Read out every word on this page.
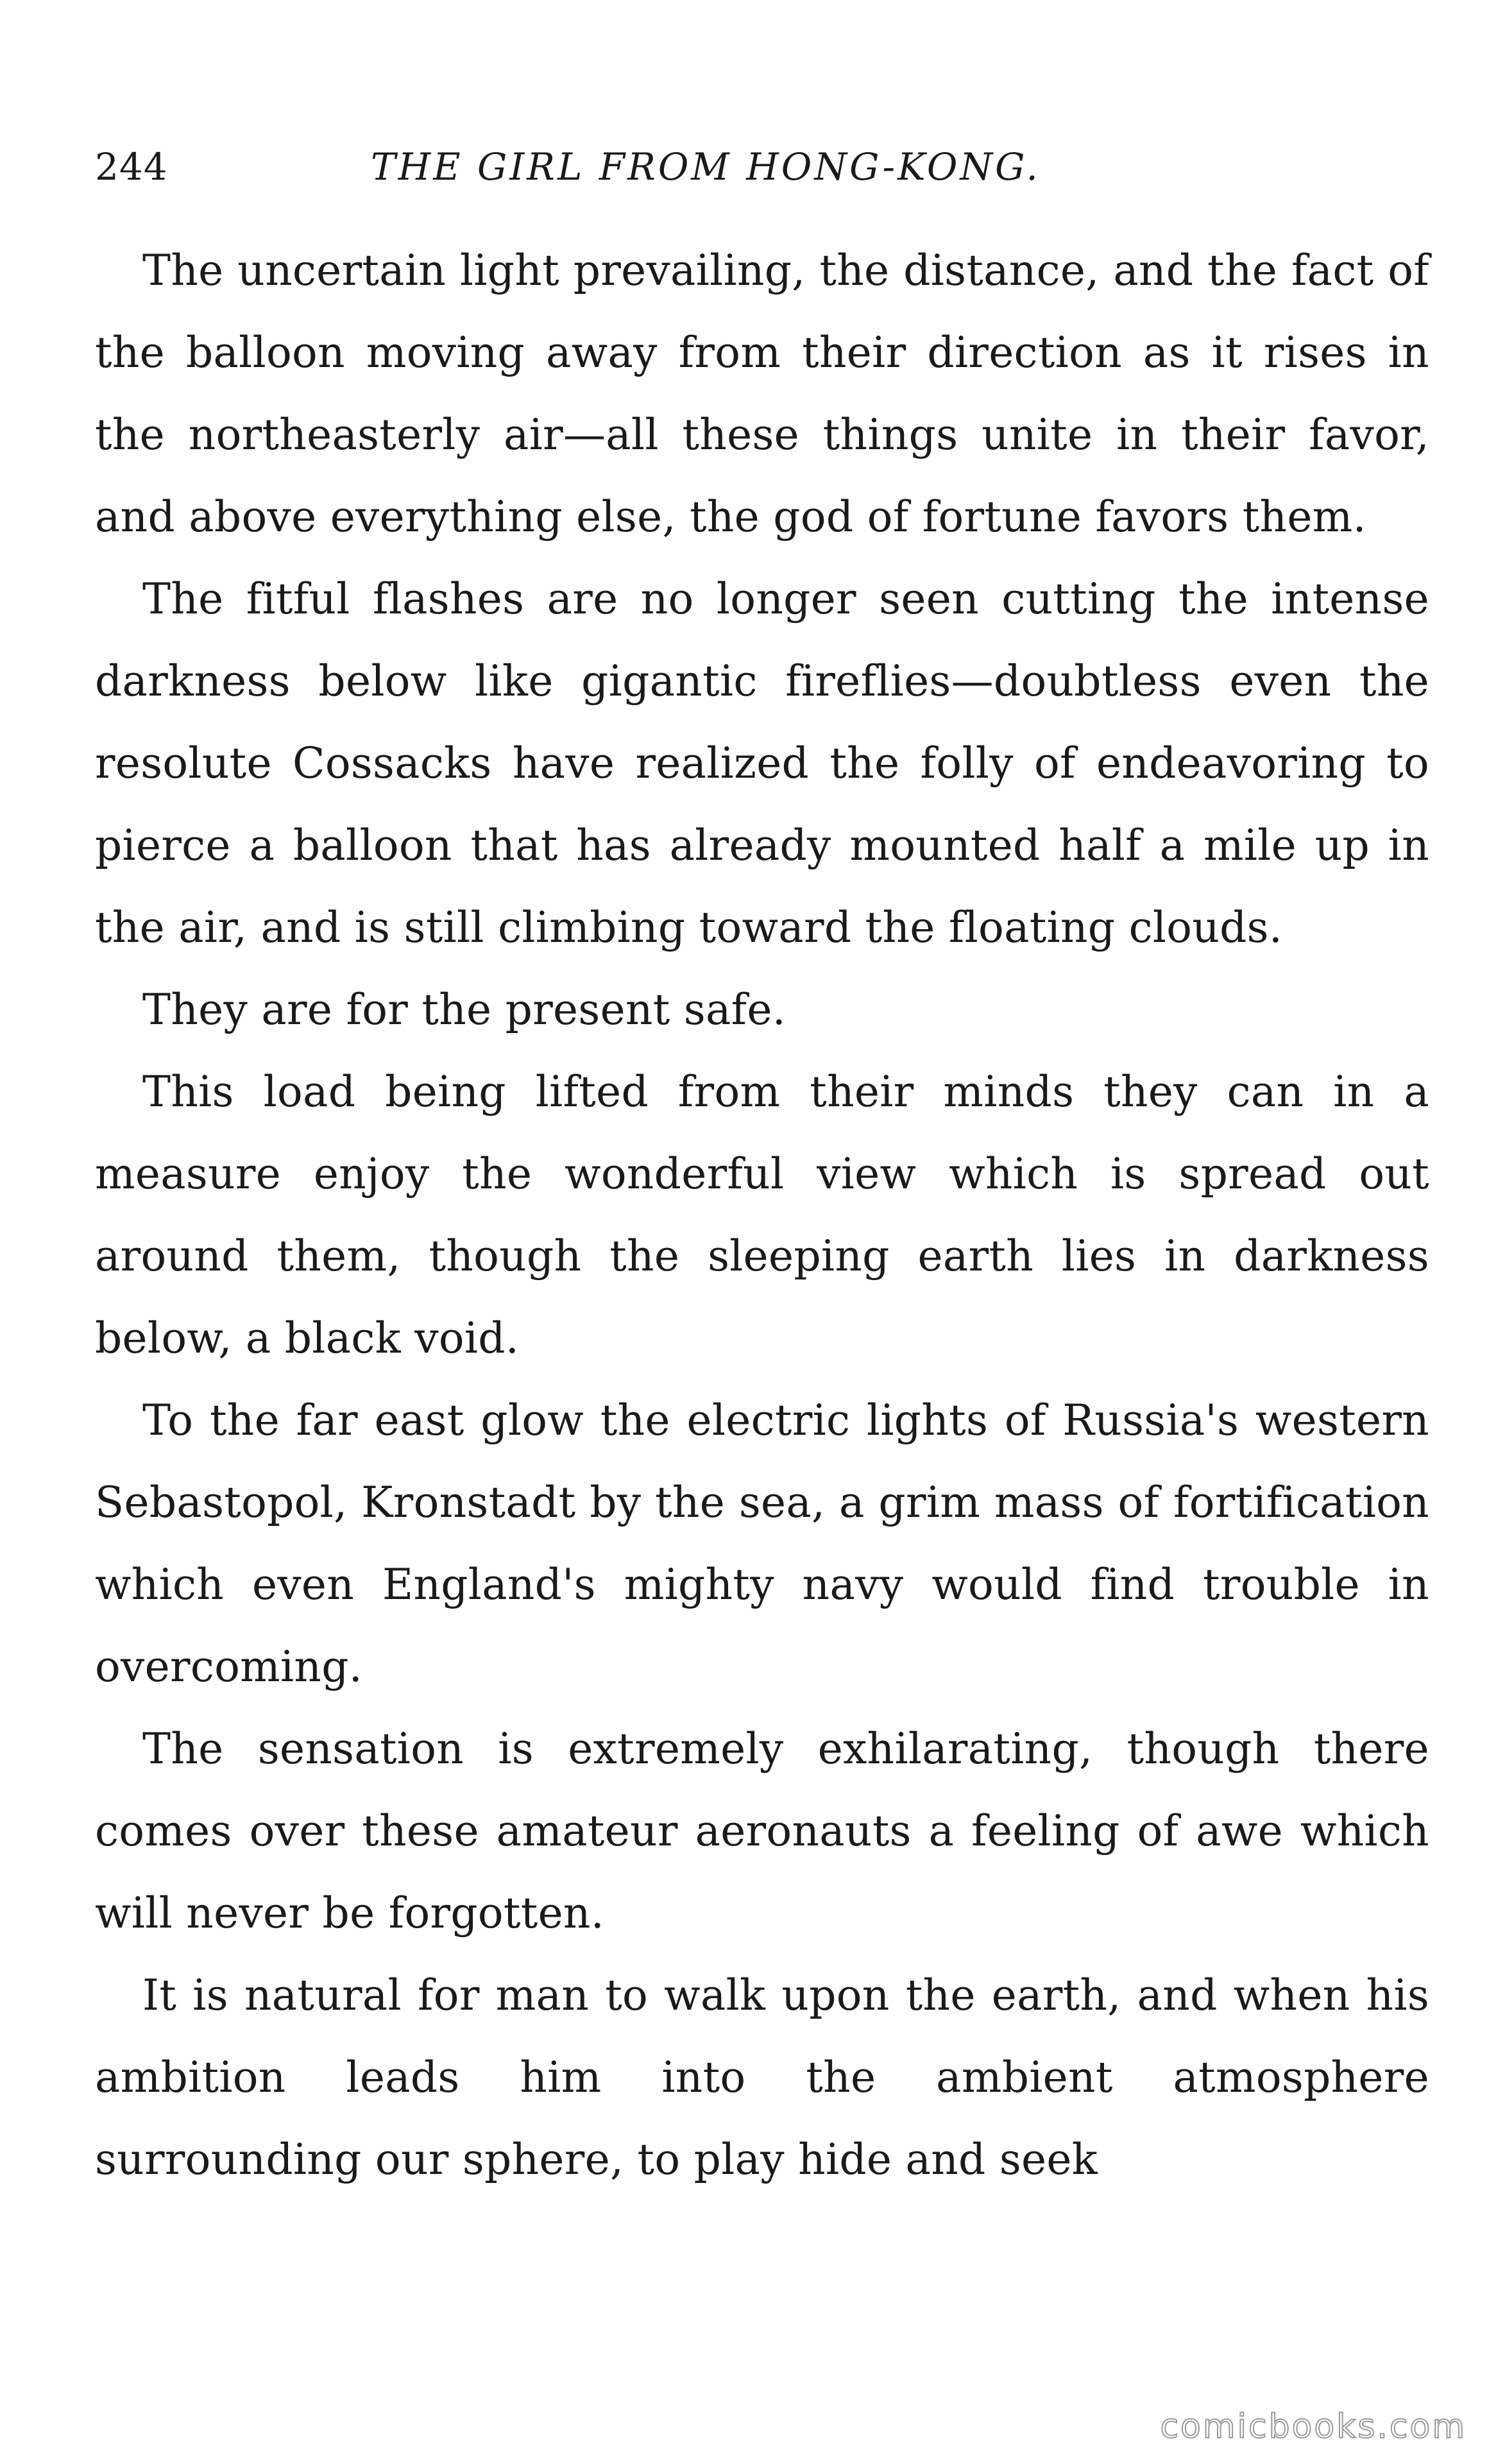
244	THE GIRL FROM HONG-KONG.

The uncertain light prevailing, the distance, and the fact of the balloon moving away from their direction as it rises in the northeasterly air—all these things unite in their favor, and above everything else, the god of fortune favors them.

The fitful flashes are no longer seen cutting the intense darkness below like gigantic fireflies—doubtless even the resolute Cossacks have realized the folly of endeavoring to pierce a balloon that has already mounted half a mile up in the air, and is still climbing toward the floating clouds.

They are for the present safe.

This load being lifted from their minds they can in a measure enjoy the wonderful view which is spread out around them, though the sleeping earth lies in darkness below, a black void.

To the far east glow the electric lights of Russia's western Sebastopol, Kronstadt by the sea, a grim mass of fortification which even England's mighty navy would find trouble in overcoming.

The sensation is extremely exhilarating, though there comes over these amateur aeronauts a feeling of awe which will never be forgotten.

It is natural for man to walk upon the earth, and when his ambition leads him into the ambient atmosphere surrounding our sphere, to play hide and seek

comicbooks.com
